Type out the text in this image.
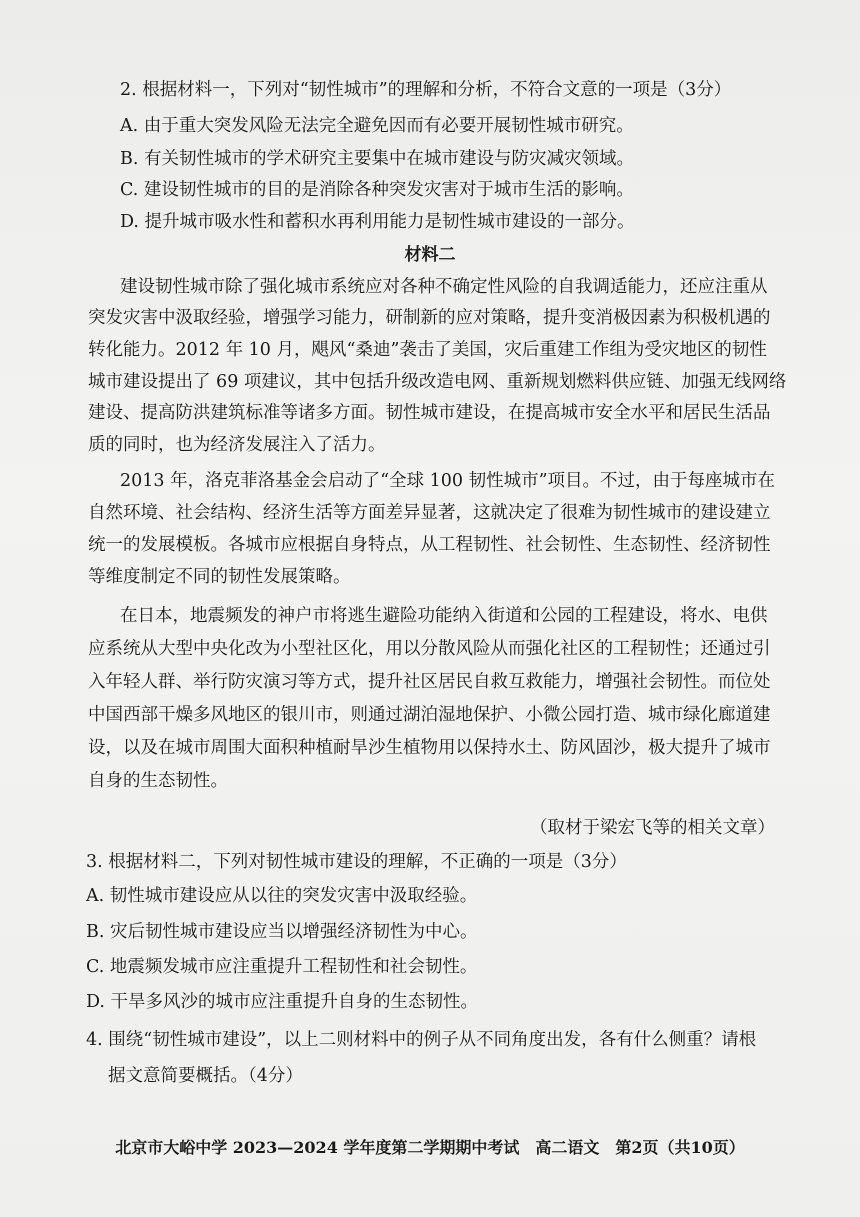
2. 根据材料一，下列对“韧性城市”的理解和分析，不符合文意的一项是（3分）
A. 由于重大突发风险无法完全避免因而有必要开展韧性城市研究。
B. 有关韧性城市的学术研究主要集中在城市建设与防灾减灾领域。
C. 建设韧性城市的目的是消除各种突发灾害对于城市生活的影响。
D. 提升城市吸水性和蓄积水再利用能力是韧性城市建设的一部分。
材料二
建设韧性城市除了强化城市系统应对各种不确定性风险的自我调适能力，还应注重从
突发灾害中汲取经验，增强学习能力，研制新的应对策略，提升变消极因素为积极机遇的
转化能力。2012 年 10 月，飓风“桑迪”袭击了美国，灾后重建工作组为受灾地区的韧性
城市建设提出了 69 项建议，其中包括升级改造电网、重新规划燃料供应链、加强无线网络
建设、提高防洪建筑标准等诸多方面。韧性城市建设，在提高城市安全水平和居民生活品
质的同时，也为经济发展注入了活力。
2013 年，洛克菲洛基金会启动了“全球 100 韧性城市”项目。不过，由于每座城市在
自然环境、社会结构、经济生活等方面差异显著，这就决定了很难为韧性城市的建设建立
统一的发展模板。各城市应根据自身特点，从工程韧性、社会韧性、生态韧性、经济韧性
等维度制定不同的韧性发展策略。
在日本，地震频发的神户市将逃生避险功能纳入街道和公园的工程建设，将水、电供
应系统从大型中央化改为小型社区化，用以分散风险从而强化社区的工程韧性；还通过引
入年轻人群、举行防灾演习等方式，提升社区居民自救互救能力，增强社会韧性。而位处
中国西部干燥多风地区的银川市，则通过湖泊湿地保护、小微公园打造、城市绿化廊道建
设，以及在城市周围大面积种植耐旱沙生植物用以保持水土、防风固沙，极大提升了城市
自身的生态韧性。
（取材于梁宏飞等的相关文章）
3. 根据材料二，下列对韧性城市建设的理解，不正确的一项是（3分）
A. 韧性城市建设应从以往的突发灾害中汲取经验。
B. 灾后韧性城市建设应当以增强经济韧性为中心。
C. 地震频发城市应注重提升工程韧性和社会韧性。
D. 干旱多风沙的城市应注重提升自身的生态韧性。
4. 围绕“韧性城市建设”，以上二则材料中的例子从不同角度出发，各有什么侧重？请根
据文意简要概括。（4分）
北京市大峪中学 2023—2024 学年度第二学期期中考试　高二语文　第2页（共10页）
